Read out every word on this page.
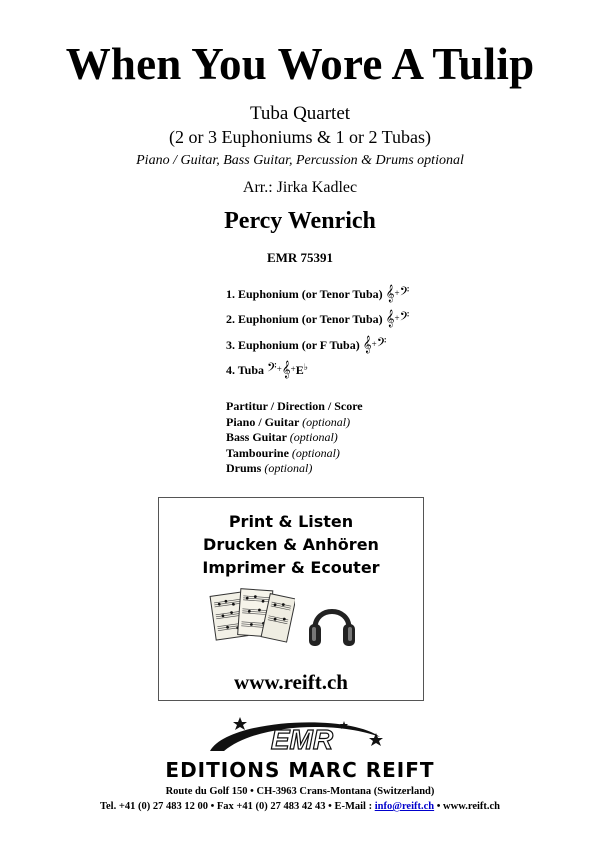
When You Wore A Tulip
Tuba Quartet
(2 or 3 Euphoniums & 1 or 2 Tubas)
Piano / Guitar, Bass Guitar, Percussion & Drums optional
Arr.: Jirka Kadlec
Percy Wenrich
EMR 75391
1. Euphonium (or Tenor Tuba) 𝄞+𝄢
2. Euphonium (or Tenor Tuba) 𝄞+𝄢
3. Euphonium (or F Tuba) 𝄞+𝄢
4. Tuba 𝄢+𝄞+E♭
Partitur / Direction / Score
Piano / Guitar (optional)
Bass Guitar (optional)
Tambourine (optional)
Drums (optional)
Print & Listen
Drucken & Anhören
Imprimer & Ecouter
www.reift.ch
EMR
EDITIONS MARC REIFT
Route du Golf 150 • CH-3963 Crans-Montana (Switzerland)
Tel. +41 (0) 27 483 12 00 • Fax +41 (0) 27 483 42 43 • E-Mail : info@reift.ch • www.reift.ch
